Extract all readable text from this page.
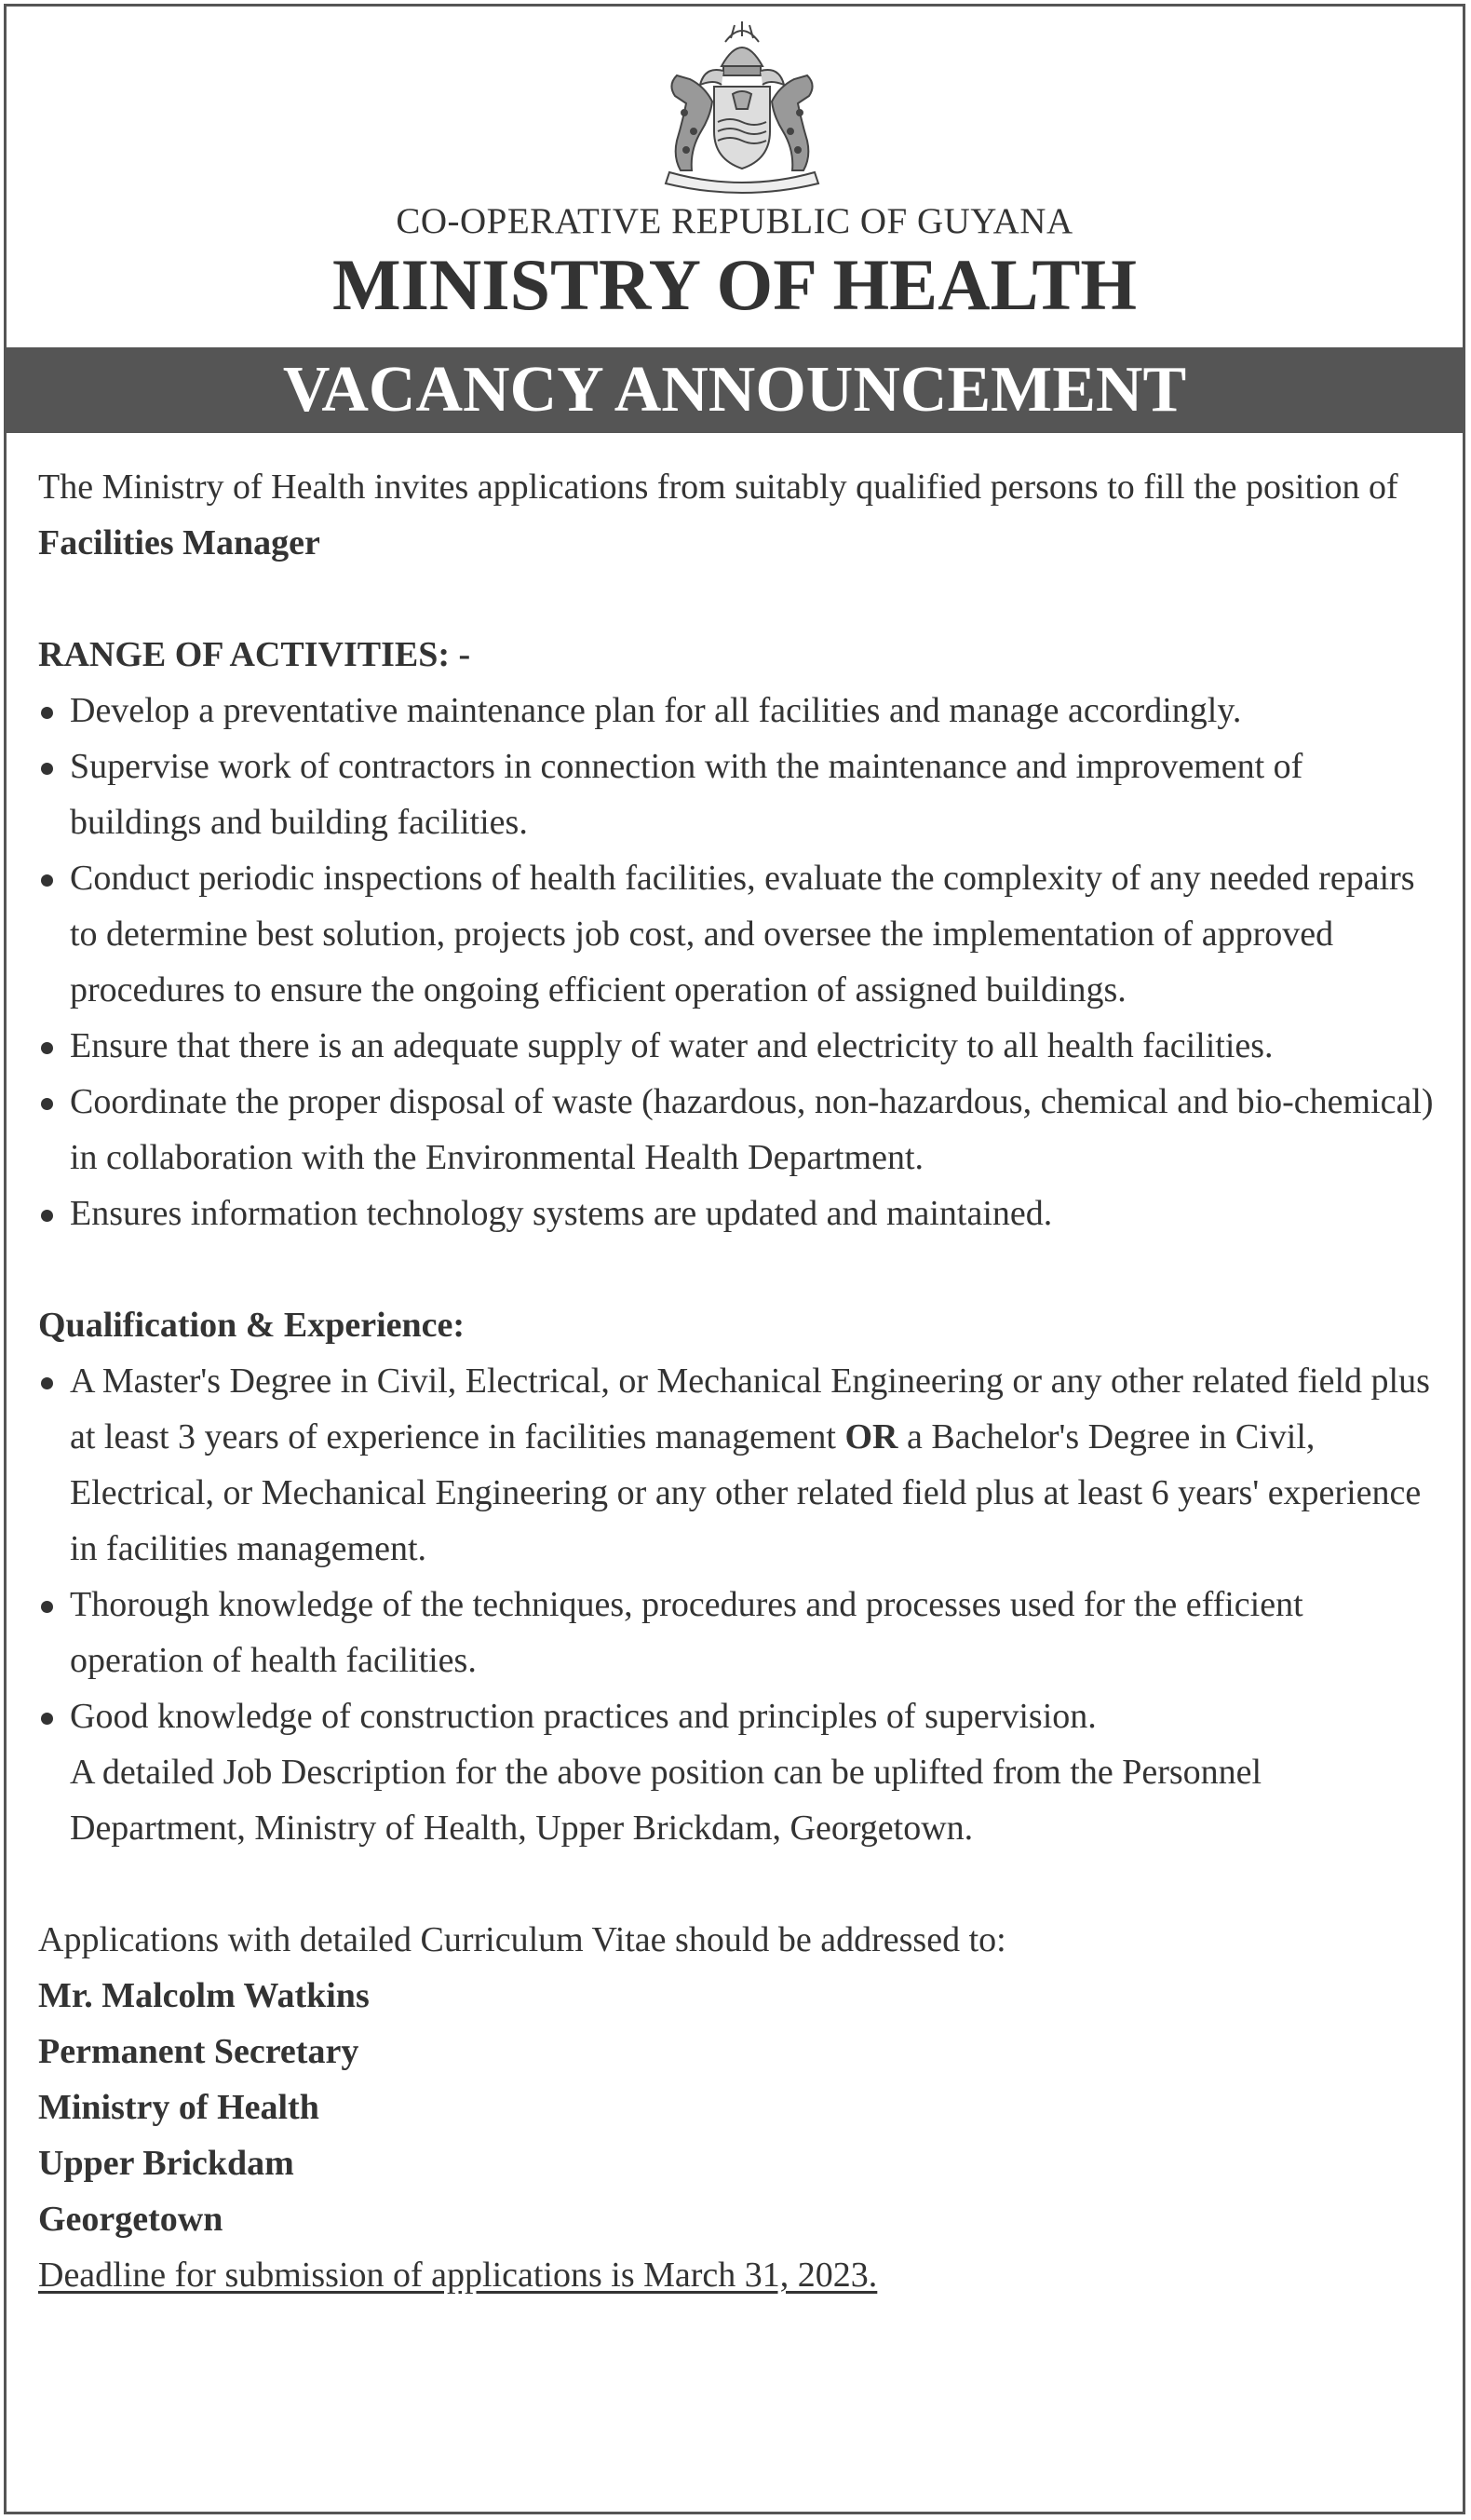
CO-OPERATIVE REPUBLIC OF GUYANA
MINISTRY OF HEALTH
VACANCY ANNOUNCEMENT

The Ministry of Health invites applications from suitably qualified persons to fill the position of Facilities Manager

RANGE OF ACTIVITIES: -

Develop a preventative maintenance plan for all facilities and manage accordingly.
Supervise work of contractors in connection with the maintenance and improvement of buildings and building facilities.
Conduct periodic inspections of health facilities, evaluate the complexity of any needed repairs to determine best solution, projects job cost, and oversee the implementation of approved procedures to ensure the ongoing efficient operation of assigned buildings.
Ensure that there is an adequate supply of water and electricity to all health facilities.
Coordinate the proper disposal of waste (hazardous, non-hazardous, chemical and bio-chemical) in collaboration with the Environmental Health Department.
Ensures information technology systems are updated and maintained.

Qualification & Experience:

A Master's Degree in Civil, Electrical, or Mechanical Engineering or any other related field plus at least 3 years of experience in facilities management OR a Bachelor's Degree in Civil, Electrical, or Mechanical Engineering or any other related field plus at least 6 years' experience in facilities management.
Thorough knowledge of the techniques, procedures and processes used for the efficient operation of health facilities.
Good knowledge of construction practices and principles of supervision.
A detailed Job Description for the above position can be uplifted from the Personnel Department, Ministry of Health, Upper Brickdam, Georgetown.

Applications with detailed Curriculum Vitae should be addressed to:

Mr. Malcolm Watkins

Permanent Secretary

Ministry of Health

Upper Brickdam

Georgetown

Deadline for submission of applications is March 31, 2023.
